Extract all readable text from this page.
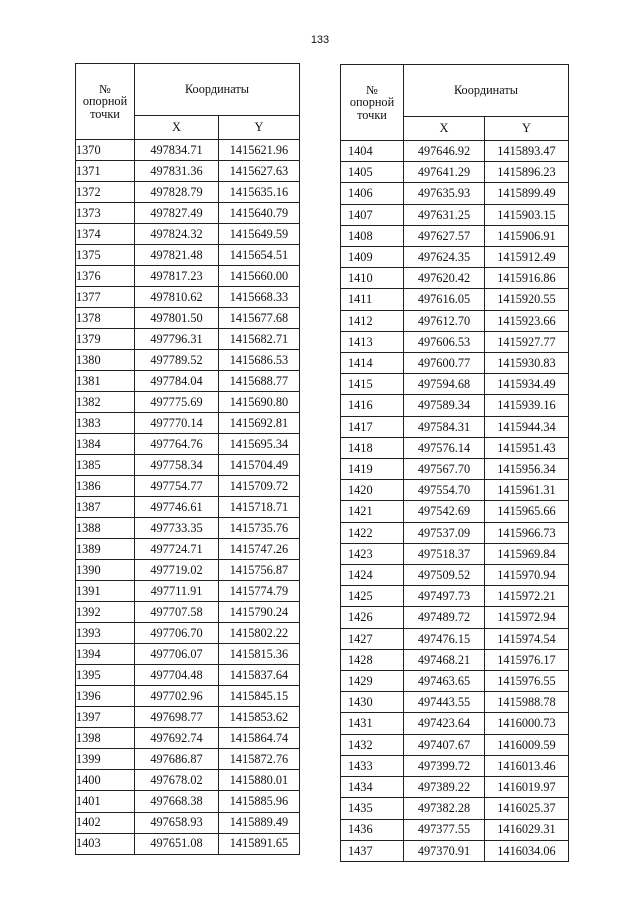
133
№
опорной
точки	Координаты	
	X	Y
1370	497834.71	1415621.96
1371	497831.36	1415627.63
1372	497828.79	1415635.16
1373	497827.49	1415640.79
1374	497824.32	1415649.59
1375	497821.48	1415654.51
1376	497817.23	1415660.00
1377	497810.62	1415668.33
1378	497801.50	1415677.68
1379	497796.31	1415682.71
1380	497789.52	1415686.53
1381	497784.04	1415688.77
1382	497775.69	1415690.80
1383	497770.14	1415692.81
1384	497764.76	1415695.34
1385	497758.34	1415704.49
1386	497754.77	1415709.72
1387	497746.61	1415718.71
1388	497733.35	1415735.76
1389	497724.71	1415747.26
1390	497719.02	1415756.87
1391	497711.91	1415774.79
1392	497707.58	1415790.24
1393	497706.70	1415802.22
1394	497706.07	1415815.36
1395	497704.48	1415837.64
1396	497702.96	1415845.15
1397	497698.77	1415853.62
1398	497692.74	1415864.74
1399	497686.87	1415872.76
1400	497678.02	1415880.01
1401	497668.38	1415885.96
1402	497658.93	1415889.49
1403	497651.08	1415891.65
№
опорной
точки	Координаты	
	X	Y
1404	497646.92	1415893.47
1405	497641.29	1415896.23
1406	497635.93	1415899.49
1407	497631.25	1415903.15
1408	497627.57	1415906.91
1409	497624.35	1415912.49
1410	497620.42	1415916.86
1411	497616.05	1415920.55
1412	497612.70	1415923.66
1413	497606.53	1415927.77
1414	497600.77	1415930.83
1415	497594.68	1415934.49
1416	497589.34	1415939.16
1417	497584.31	1415944.34
1418	497576.14	1415951.43
1419	497567.70	1415956.34
1420	497554.70	1415961.31
1421	497542.69	1415965.66
1422	497537.09	1415966.73
1423	497518.37	1415969.84
1424	497509.52	1415970.94
1425	497497.73	1415972.21
1426	497489.72	1415972.94
1427	497476.15	1415974.54
1428	497468.21	1415976.17
1429	497463.65	1415976.55
1430	497443.55	1415988.78
1431	497423.64	1416000.73
1432	497407.67	1416009.59
1433	497399.72	1416013.46
1434	497389.22	1416019.97
1435	497382.28	1416025.37
1436	497377.55	1416029.31
1437	497370.91	1416034.06
